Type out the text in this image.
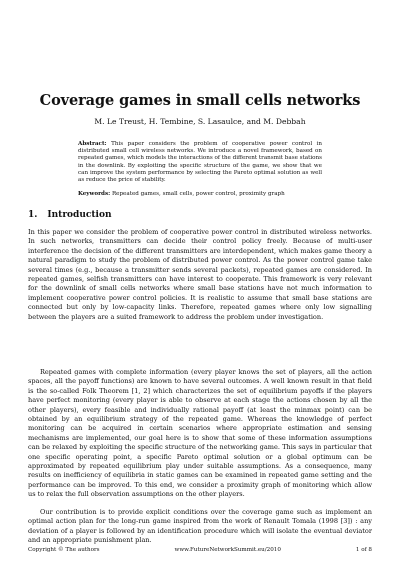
Coverage games in small cells networks
M. Le Treust, H. Tembine, S. Lasaulce, and M. Debbah
Abstract: This paper considers the problem of cooperative power control in distributed small cell wireless networks. We introduce a novel framework, based on repeated games, which models the interactions of the different transmit base stations in the downlink. By exploiting the specific structure of the game, we show that we can improve the system performance by selecting the Pareto optimal solution as well as reduce the price of stability.
Keywords: Repeated games, small cells, power control, proximity graph
1. Introduction

In this paper we consider the problem of cooperative power control in distributed wireless networks. In such networks, transmitters can decide their control policy freely. Because of multi-user interference the decision of the different transmitters are interdependent, which makes game theory a natural paradigm to study the problem of distributed power control. As the power control game take several times (e.g., because a transmitter sends several packets), repeated games are considered. In repeated games, selfish transmitters can have interest to cooperate. This framework is very relevant for the downlink of small cells networks where small base stations have not much information to implement cooperative power control policies. It is realistic to assume that small base stations are connected but only by low-capacity links. Therefore, repeated games where only low signalling between the players are a suited framework to address the problem under investigation.

Repeated games with complete information (every player knows the set of players, all the action spaces, all the payoff functions) are known to have several outcomes. A well known result in that field is the so-called Folk Theorem [1, 2] which characterizes the set of equilibrium payoffs if the players have perfect monitoring (every player is able to observe at each stage the actions chosen by all the other players), every feasible and individually rational payoff (at least the minmax point) can be obtained by an equilibrium strategy of the repeated game. Whereas the knowledge of perfect monitoring can be acquired in certain scenarios where appropriate estimation and sensing mechanisms are implemented, our goal here is to show that some of these information assumptions can be relaxed by exploiting the specific structure of the networking game. This says in particular that one specific operating point, a specific Pareto optimal solution or a global optimum can be approximated by repeated equilibrium play under suitable assumptions. As a consequence, many results on inefficiency of equilibria in static games can be examined in repeated game setting and the performance can be improved. To this end, we consider a proximity graph of monitoring which allow us to relax the full observation assumptions on the other players.

Our contribution is to provide explicit conditions over the coverage game such as implement an optimal action plan for the long-run game inspired from the work of Renault Tomala (1998 [3]) : any deviation of a player is followed by an identification procedure which will isolate the eventual deviator and an appropriate punishment plan.

Copyright © The authors	www.FutureNetworkSummit.eu/2010	1 of 8
